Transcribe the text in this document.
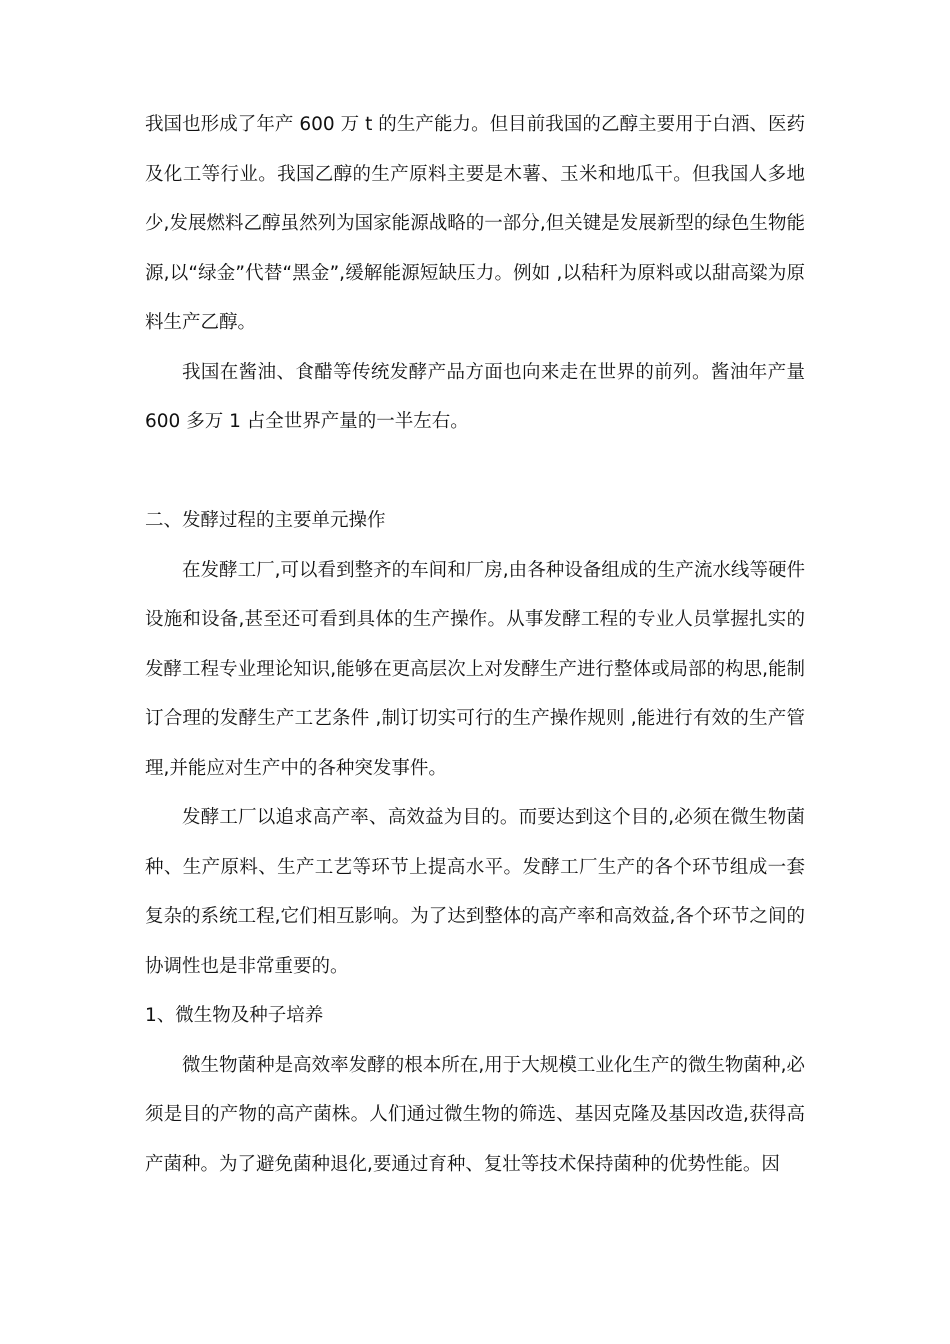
我国也形成了年产 600 万 t 的生产能力。但目前我国的乙醇主要用于白酒、医药及化工等行业。我国乙醇的生产原料主要是木薯、玉米和地瓜干。但我国人多地少,发展燃料乙醇虽然列为国家能源战略的一部分,但关键是发展新型的绿色生物能源,以“绿金”代替“黑金”,缓解能源短缺压力。例如 ,以秸秆为原料或以甜高粱为原料生产乙醇。

我国在酱油、食醋等传统发酵产品方面也向来走在世界的前列。酱油年产量 600 多万 1 占全世界产量的一半左右。

二、发酵过程的主要单元操作

在发酵工厂,可以看到整齐的车间和厂房,由各种设备组成的生产流水线等硬件设施和设备,甚至还可看到具体的生产操作。从事发酵工程的专业人员掌握扎实的发酵工程专业理论知识,能够在更高层次上对发酵生产进行整体或局部的构思,能制订合理的发酵生产工艺条件 ,制订切实可行的生产操作规则 ,能进行有效的生产管理,并能应对生产中的各种突发事件。

发酵工厂以追求高产率、高效益为目的。而要达到这个目的,必须在微生物菌种、生产原料、生产工艺等环节上提高水平。发酵工厂生产的各个环节组成一套复杂的系统工程,它们相互影响。为了达到整体的高产率和高效益,各个环节之间的协调性也是非常重要的。

1、微生物及种子培养

微生物菌种是高效率发酵的根本所在,用于大规模工业化生产的微生物菌种,必须是目的产物的高产菌株。人们通过微生物的筛选、基因克隆及基因改造,获得高产菌种。为了避免菌种退化,要通过育种、复壮等技术保持菌种的优势性能。因
